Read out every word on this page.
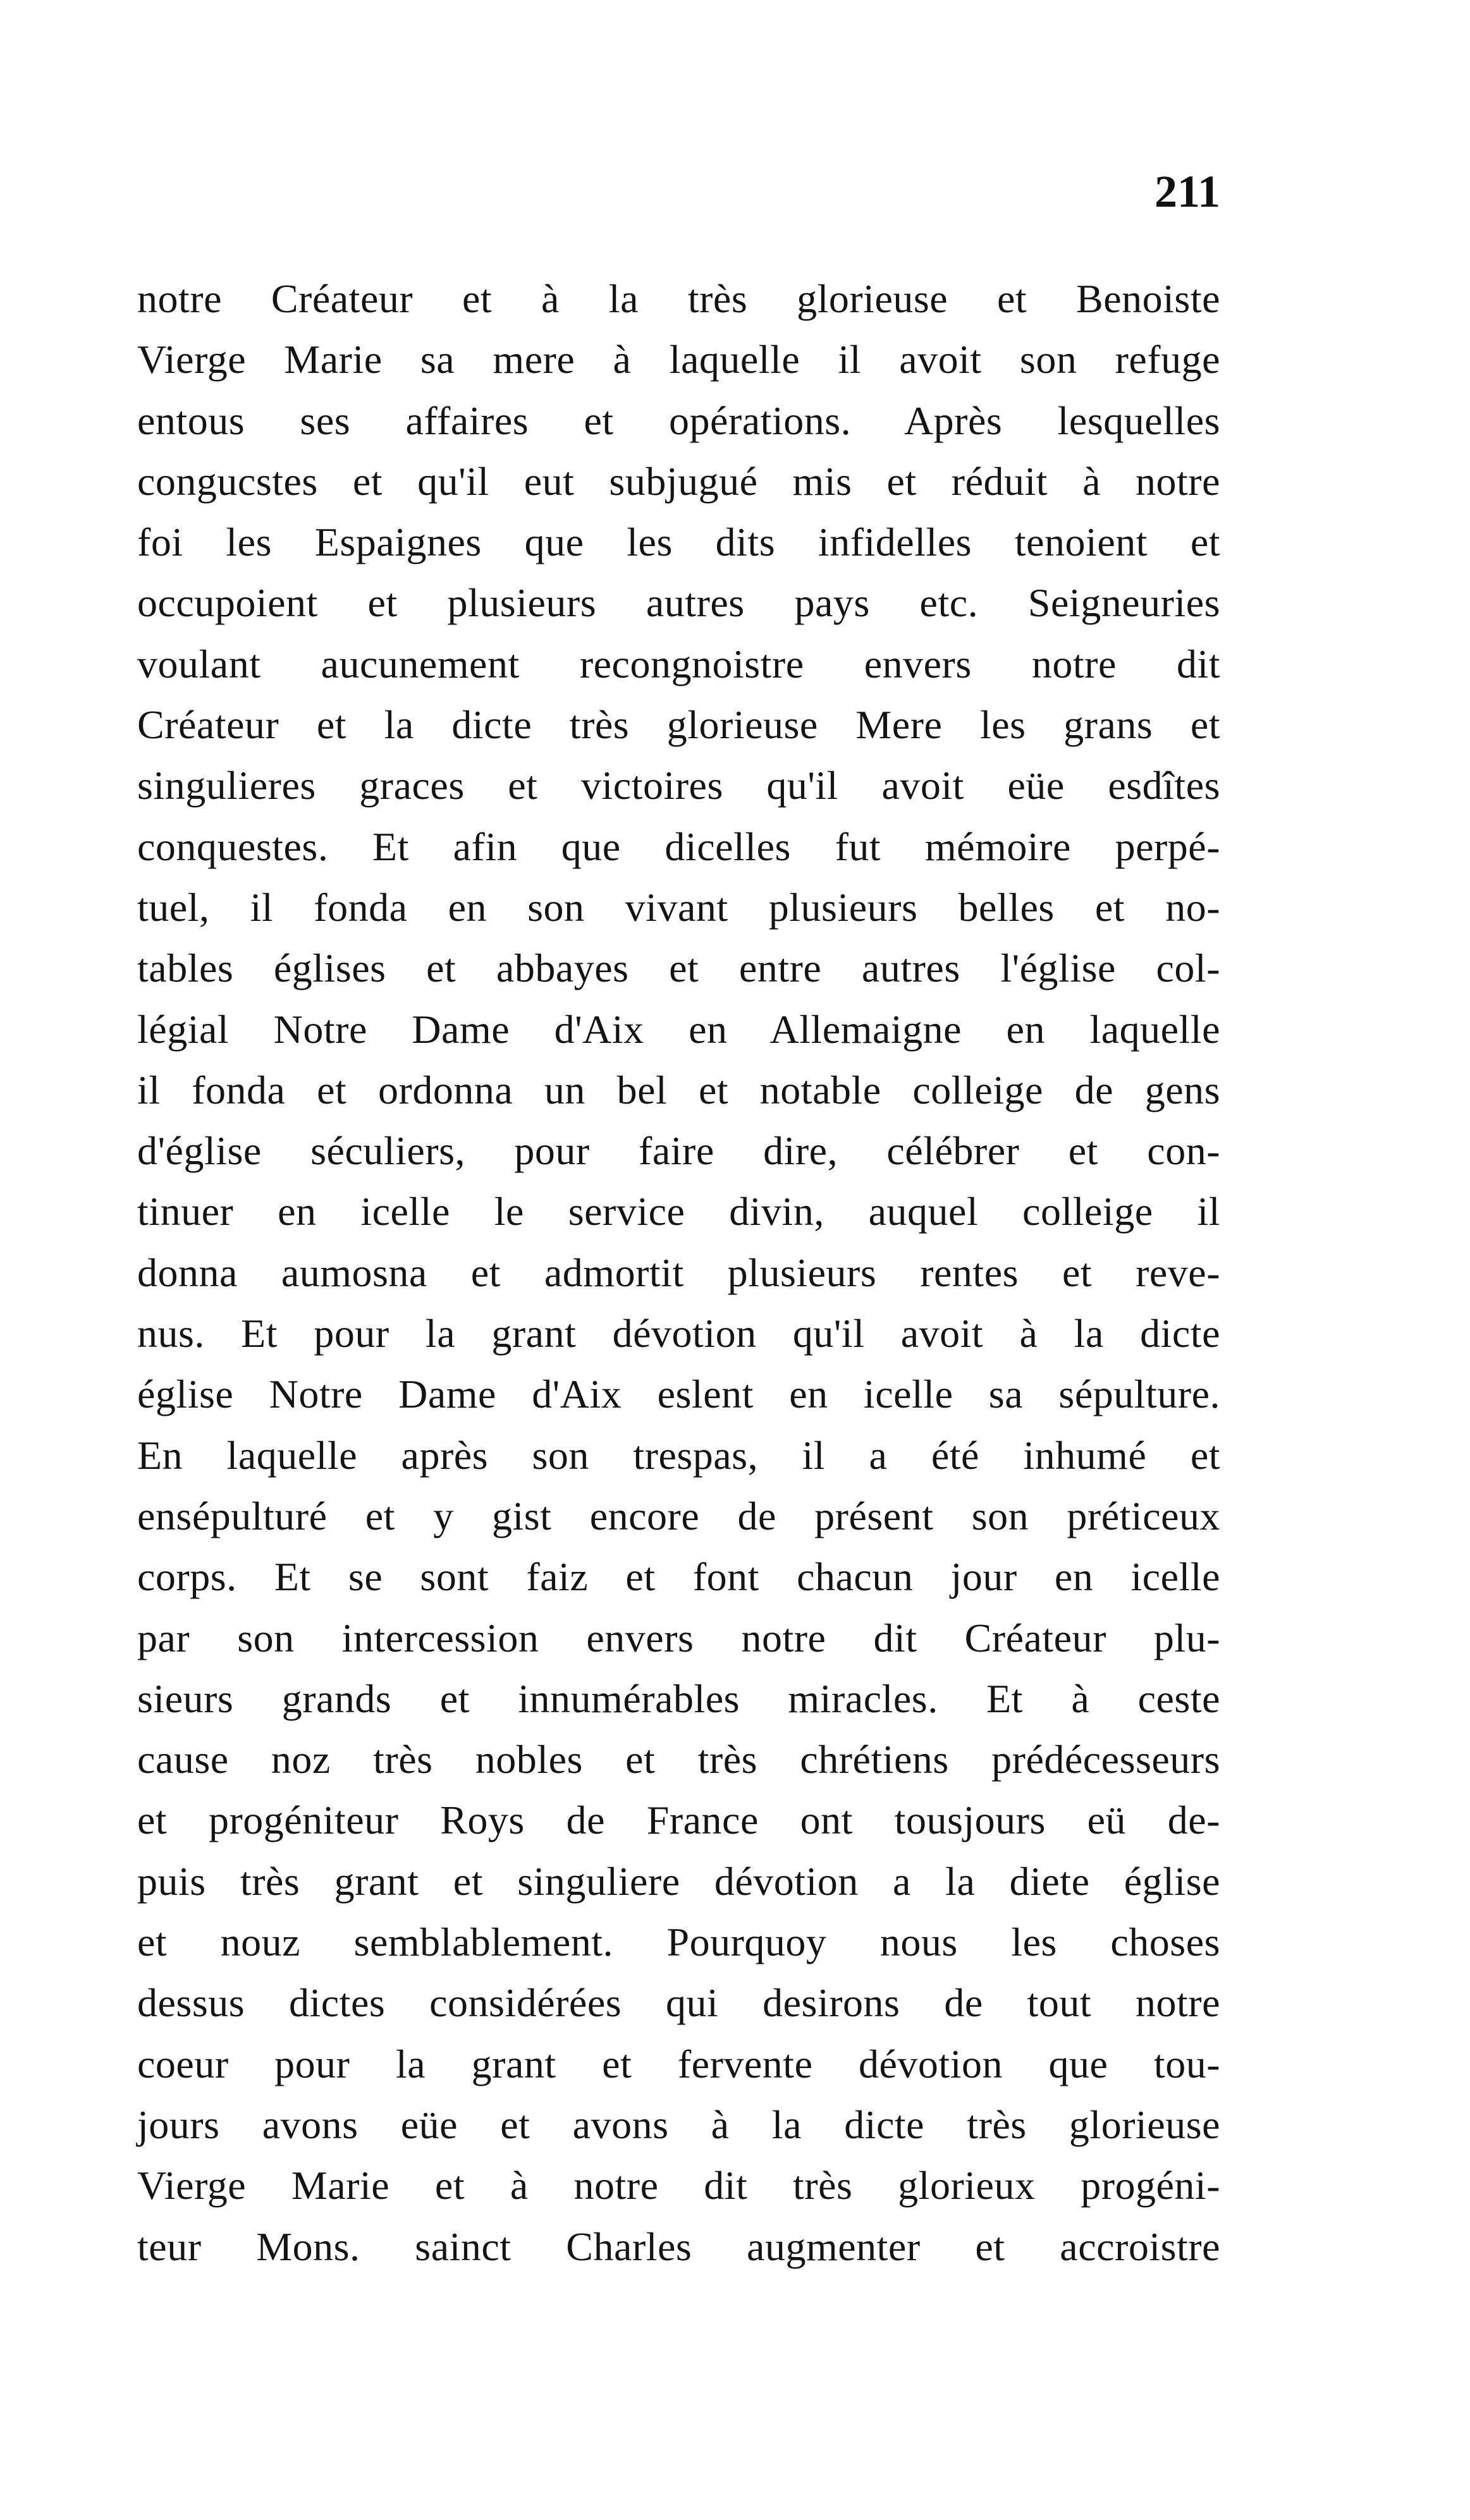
211
notre Créateur et à la très glorieuse et Benoiste
Vierge Marie sa mere à laquelle il avoit son refuge
entous ses affaires et opérations. Après lesquelles
congucstes et qu'il eut subjugué mis et réduit à notre
foi les Espaignes que les dits infidelles tenoient et
occupoient et plusieurs autres pays etc. Seigneuries
voulant aucunement recongnoistre envers notre dit
Créateur et la dicte très glorieuse Mere les grans et
singulieres graces et victoires qu'il avoit eüe esdîtes
conquestes. Et afin que dicelles fut mémoire perpé-
tuel, il fonda en son vivant plusieurs belles et no-
tables églises et abbayes et entre autres l'église col-
légial Notre Dame d'Aix en Allemaigne en laquelle
il fonda et ordonna un bel et notable colleige de gens
d'église séculiers, pour faire dire, célébrer et con-
tinuer en icelle le service divin, auquel colleige il
donna aumosna et admortit plusieurs rentes et reve-
nus. Et pour la grant dévotion qu'il avoit à la dicte
église Notre Dame d'Aix eslent en icelle sa sépulture.
En laquelle après son trespas, il a été inhumé et
ensépulturé et y gist encore de présent son préticeux
corps. Et se sont faiz et font chacun jour en icelle
par son intercession envers notre dit Créateur plu-
sieurs grands et innumérables miracles. Et à ceste
cause noz très nobles et très chrétiens prédécesseurs
et progéniteur Roys de France ont tousjours eü de-
puis très grant et singuliere dévotion a la diete église
et nouz semblablement. Pourquoy nous les choses
dessus dictes considérées qui desirons de tout notre
coeur pour la grant et fervente dévotion que tou-
jours avons eüe et avons à la dicte très glorieuse
Vierge Marie et à notre dit très glorieux progéni-
teur Mons. sainct Charles augmenter et accroistre
